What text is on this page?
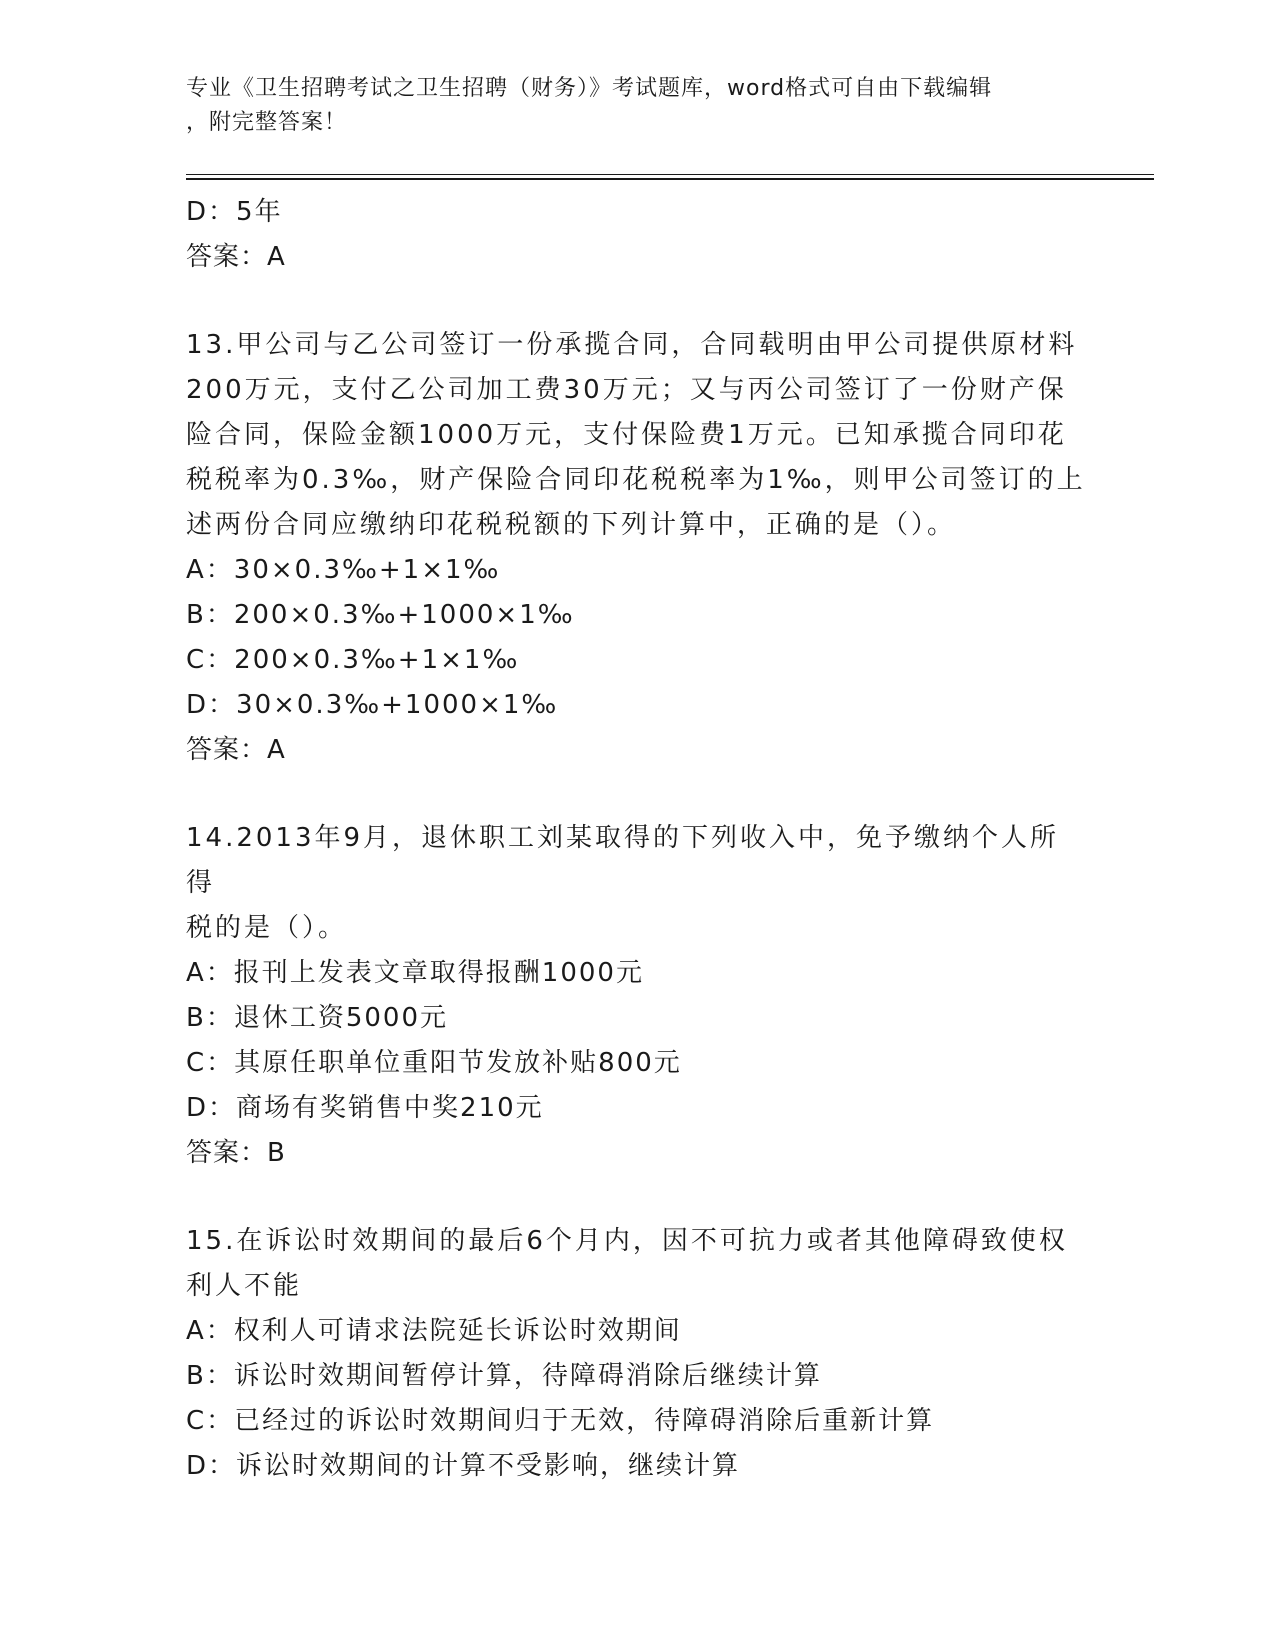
专业《卫生招聘考试之卫生招聘（财务）》考试题库，word格式可自由下载编辑
，附完整答案！

D：5年

答案：A

13.甲公司与乙公司签订一份承揽合同，合同载明由甲公司提供原材料

200万元，支付乙公司加工费30万元；又与丙公司签订了一份财产保

险合同，保险金额1000万元，支付保险费1万元。已知承揽合同印花

税税率为0.3‰，财产保险合同印花税税率为1‰，则甲公司签订的上

述两份合同应缴纳印花税税额的下列计算中，正确的是（）。

A：30×0.3‰+1×1‰

B：200×0.3‰+1000×1‰

C：200×0.3‰+1×1‰

D：30×0.3‰+1000×1‰

答案：A

14.2013年9月，退休职工刘某取得的下列收入中，免予缴纳个人所得

税的是（）。

A：报刊上发表文章取得报酬1000元

B：退休工资5000元

C：其原任职单位重阳节发放补贴800元

D：商场有奖销售中奖210元

答案：B

15.在诉讼时效期间的最后6个月内，因不可抗力或者其他障碍致使权

利人不能

A：权利人可请求法院延长诉讼时效期间

B：诉讼时效期间暂停计算，待障碍消除后继续计算

C：已经过的诉讼时效期间归于无效，待障碍消除后重新计算

D：诉讼时效期间的计算不受影响，继续计算
